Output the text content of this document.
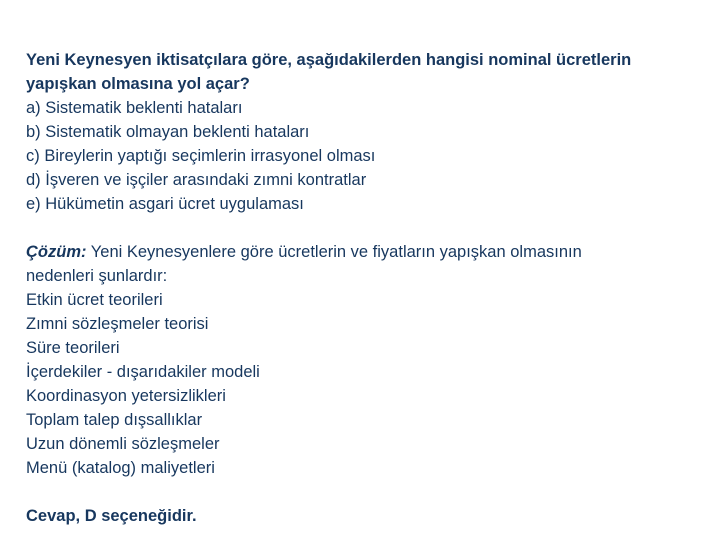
Yeni Keynesyen iktisatçılara göre, aşağıdakilerden hangisi nominal ücretlerin
yapışkan olmasına yol açar?
a) Sistematik beklenti hataları
b) Sistematik olmayan beklenti hataları
c) Bireylerin yaptığı seçimlerin irrasyonel olması
d) İşveren ve işçiler arasındaki zımni kontratlar
e) Hükümetin asgari ücret uygulaması
Çözüm: Yeni Keynesyenlere göre ücretlerin ve fiyatların yapışkan olmasının
nedenleri şunlardır:
Etkin ücret teorileri
Zımni sözleşmeler teorisi
Süre teorileri
İçerdekiler - dışarıdakiler modeli
Koordinasyon yetersizlikleri
Toplam talep dışsallıklar
Uzun dönemli sözleşmeler
Menü (katalog) maliyetleri
Cevap, D seçeneğidir.
